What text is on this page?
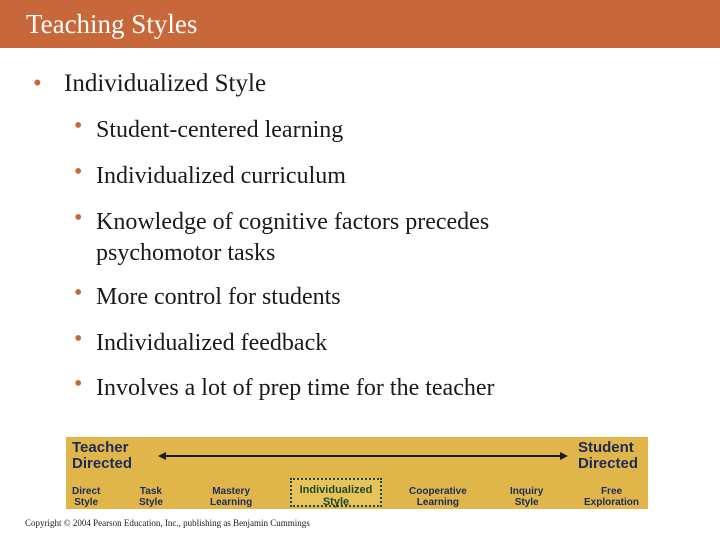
Teaching Styles
• Individualized Style
• Student-centered learning
• Individualized curriculum
• Knowledge of cognitive factors precedes
psychomotor tasks
• More control for students
• Individualized feedback
• Involves a lot of prep time for the teacher
Teacher
Directed
Student
Directed
Individualized
Style
Direct
Style
Task
Style
Mastery
Learning
Cooperative
Learning
Inquiry
Style
Free
Exploration
Copyright © 2004 Pearson Education, Inc., publishing as Benjamin Cummings
